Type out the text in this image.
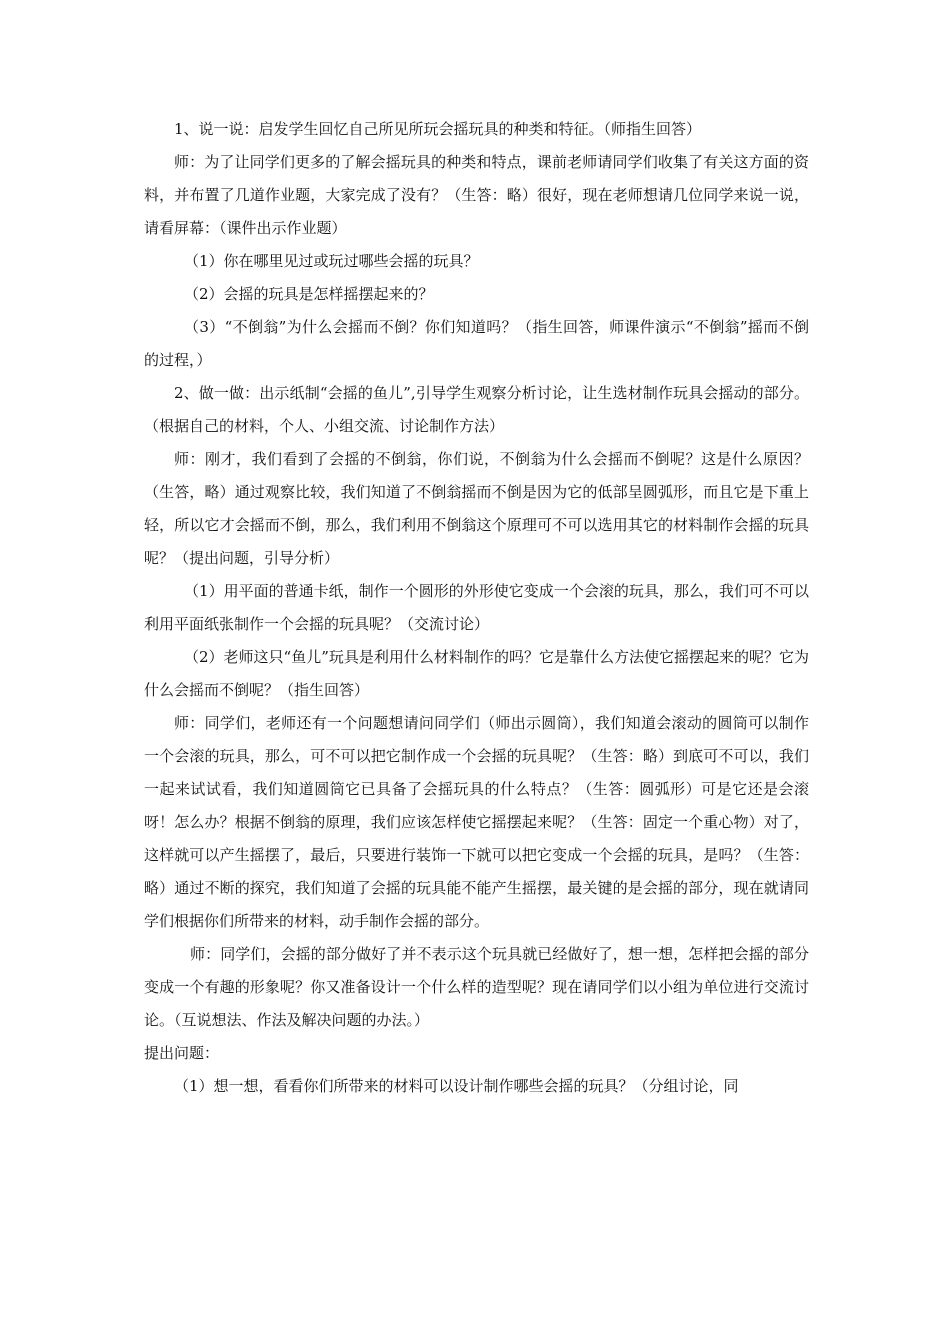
1、说一说：启发学生回忆自己所见所玩会摇玩具的种类和特征。（师指生回答）

师：为了让同学们更多的了解会摇玩具的种类和特点，课前老师请同学们收集了有关这方面的资料，并布置了几道作业题，大家完成了没有？（生答：略）很好，现在老师想请几位同学来说一说，请看屏幕：（课件出示作业题）

（1）你在哪里见过或玩过哪些会摇的玩具？

（2）会摇的玩具是怎样摇摆起来的？

（3）“不倒翁”为什么会摇而不倒？你们知道吗？（指生回答，师课件演示“不倒翁”摇而不倒的过程，）

2、做一做：出示纸制“会摇的鱼儿”,引导学生观察分析讨论，让生选材制作玩具会摇动的部分。（根据自己的材料，个人、小组交流、讨论制作方法）

师：刚才，我们看到了会摇的不倒翁，你们说，不倒翁为什么会摇而不倒呢？这是什么原因？（生答，略）通过观察比较，我们知道了不倒翁摇而不倒是因为它的低部呈圆弧形，而且它是下重上轻，所以它才会摇而不倒，那么，我们利用不倒翁这个原理可不可以选用其它的材料制作会摇的玩具呢？（提出问题，引导分析）

（1）用平面的普通卡纸，制作一个圆形的外形使它变成一个会滚的玩具，那么，我们可不可以利用平面纸张制作一个会摇的玩具呢？（交流讨论）

（2）老师这只“鱼儿”玩具是利用什么材料制作的吗？它是靠什么方法使它摇摆起来的呢？它为什么会摇而不倒呢？（指生回答）

师：同学们，老师还有一个问题想请问同学们（师出示圆筒），我们知道会滚动的圆筒可以制作一个会滚的玩具，那么，可不可以把它制作成一个会摇的玩具呢？（生答：略）到底可不可以，我们一起来试试看，我们知道圆筒它已具备了会摇玩具的什么特点？（生答：圆弧形）可是它还是会滚呀！怎么办？根据不倒翁的原理，我们应该怎样使它摇摆起来呢？（生答：固定一个重心物）对了，这样就可以产生摇摆了，最后，只要进行装饰一下就可以把它变成一个会摇的玩具，是吗？（生答：略）通过不断的探究，我们知道了会摇的玩具能不能产生摇摆，最关键的是会摇的部分，现在就请同学们根据你们所带来的材料，动手制作会摇的部分。

师：同学们，会摇的部分做好了并不表示这个玩具就已经做好了，想一想，怎样把会摇的部分变成一个有趣的形象呢？你又准备设计一个什么样的造型呢？现在请同学们以小组为单位进行交流讨论。（互说想法、作法及解决问题的办法。）

提出问题：

（1）想一想，看看你们所带来的材料可以设计制作哪些会摇的玩具？（分组讨论，同
